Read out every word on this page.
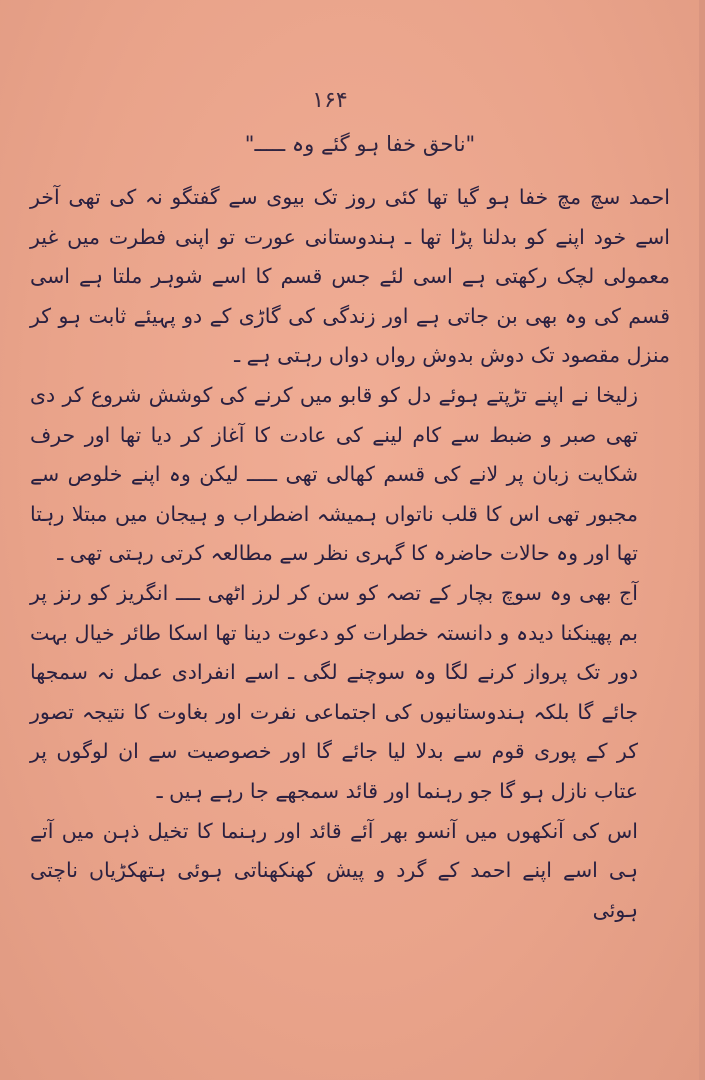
۱۶۴
"ناحق خفا ہو گئے وہ ـــــ"

احمد سچ مچ خفا ہو گیا تھا کئی روز تک بیوی سے گفتگو نہ کی تھی آخر اسے خود اپنے کو بدلنا پڑا تھا ـ ہندوستانی عورت تو اپنی فطرت میں غیر معمولی لچک رکھتی ہے اسی لئے جس قسم کا اسے شوہر ملتا ہے اسی قسم کی وہ بھی بن جاتی ہے اور زندگی کی گاڑی کے دو پہیئے ثابت ہو کر منزل مقصود تک دوش بدوش رواں دواں رہتی ہے ـ

زلیخا نے اپنے تڑپتے ہوئے دل کو قابو میں کرنے کی کوشش شروع کر دی تھی صبر و ضبط سے کام لینے کی عادت کا آغاز کر دیا تھا اور حرف شکایت زبان پر لانے کی قسم کھالی تھی ـــــ لیکن وہ اپنے خلوص سے مجبور تھی اس کا قلب ناتواں ہمیشہ اضطراب و ہیجان میں مبتلا رہتا تھا اور وہ حالات حاضرہ کا گہری نظر سے مطالعہ کرتی رہتی تھی ـ

آج بھی وہ سوچ بچار کے تصہ کو سن کر لرز اٹھی ــــ انگریز کو رنز پر بم پھینکنا دیدہ و دانستہ خطرات کو دعوت دینا تھا اسکا طائر خیال بہت دور تک پرواز کرنے لگا وہ سوچنے لگی ـ اسے انفرادی عمل نہ سمجھا جائے گا بلکہ ہندوستانیوں کی اجتماعی نفرت اور بغاوت کا نتیجہ تصور کر کے پوری قوم سے بدلا لیا جائے گا اور خصوصیت سے ان لوگوں پر عتاب نازل ہو گا جو رہنما اور قائد سمجھے جا رہے ہیں ـ

اس کی آنکھوں میں آنسو بھر آئے قائد اور رہنما کا تخیل ذہن میں آتے ہی اسے اپنے احمد کے گرد و پیش کھنکھناتی ہوئی ہتھکڑیاں ناچتی ہوئی
